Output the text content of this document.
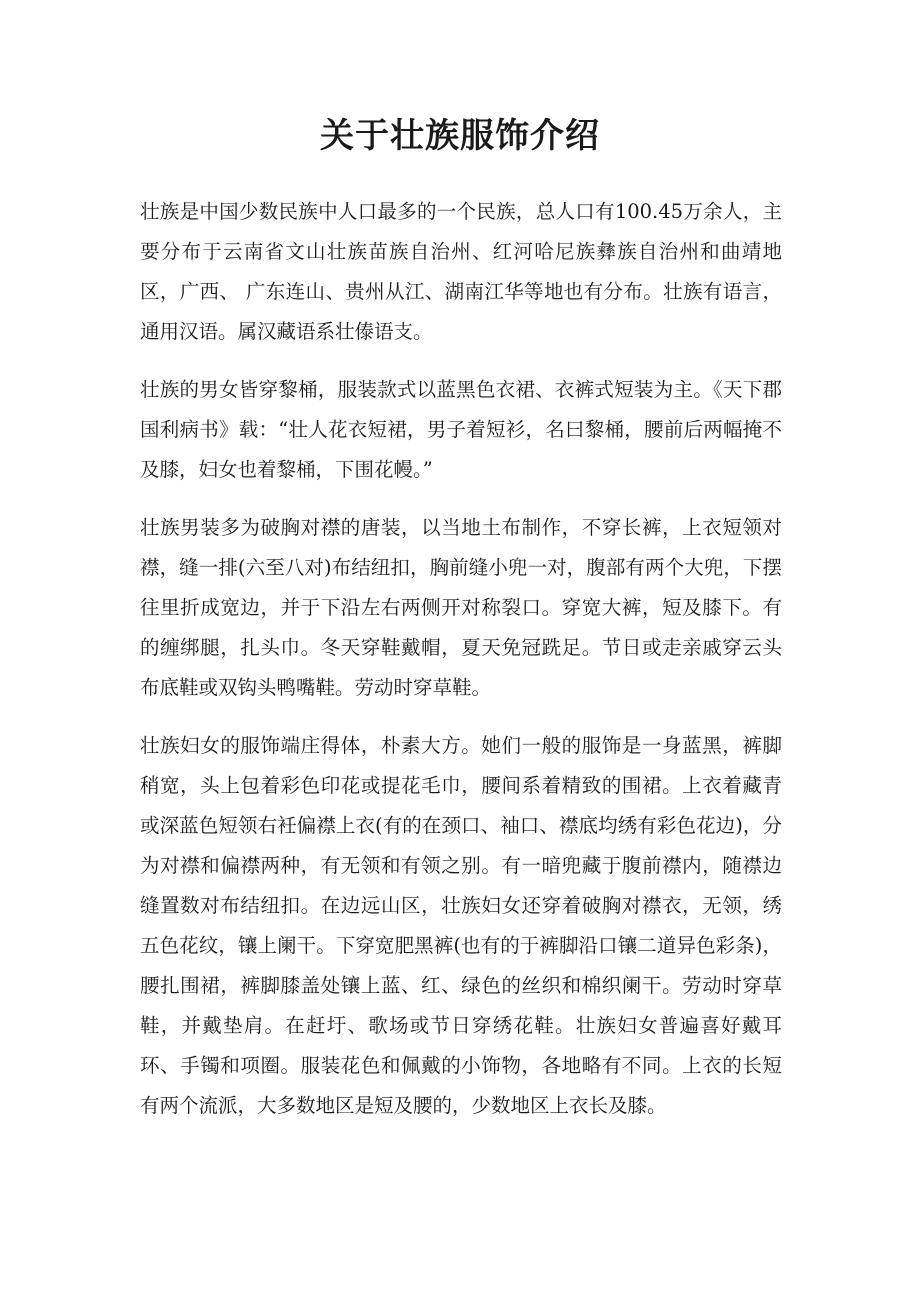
关于壮族服饰介绍

壮族是中国少数民族中人口最多的一个民族，总人口有100.45万余人，主要分布于云南省文山壮族苗族自治州、红河哈尼族彝族自治州和曲靖地区，广西、 广东连山、贵州从江、湖南江华等地也有分布。壮族有语言，通用汉语。属汉藏语系壮傣语支。

壮族的男女皆穿黎桶，服装款式以蓝黑色衣裙、衣裤式短装为主。《天下郡国利病书》载：“壮人花衣短裙，男子着短衫，名曰黎桶，腰前后两幅掩不及膝，妇女也着黎桶，下围花幔。”

壮族男装多为破胸对襟的唐装，以当地土布制作，不穿长裤，上衣短领对襟，缝一排(六至八对)布结纽扣，胸前缝小兜一对，腹部有两个大兜，下摆往里折成宽边，并于下沿左右两侧开对称裂口。穿宽大裤，短及膝下。有的缠绑腿，扎头巾。冬天穿鞋戴帽，夏天免冠跣足。节日或走亲戚穿云头布底鞋或双钩头鸭嘴鞋。劳动时穿草鞋。

壮族妇女的服饰端庄得体，朴素大方。她们一般的服饰是一身蓝黑，裤脚稍宽，头上包着彩色印花或提花毛巾，腰间系着精致的围裙。上衣着藏青或深蓝色短领右衽偏襟上衣(有的在颈口、袖口、襟底均绣有彩色花边)，分为对襟和偏襟两种，有无领和有领之别。有一暗兜藏于腹前襟内，随襟边缝置数对布结纽扣。在边远山区，壮族妇女还穿着破胸对襟衣，无领，绣五色花纹，镶上阑干。下穿宽肥黑裤(也有的于裤脚沿口镶二道异色彩条)，腰扎围裙，裤脚膝盖处镶上蓝、红、绿色的丝织和棉织阑干。劳动时穿草鞋，并戴垫肩。在赶圩、歌场或节日穿绣花鞋。壮族妇女普遍喜好戴耳环、手镯和项圈。服装花色和佩戴的小饰物，各地略有不同。上衣的长短有两个流派，大多数地区是短及腰的，少数地区上衣长及膝。
